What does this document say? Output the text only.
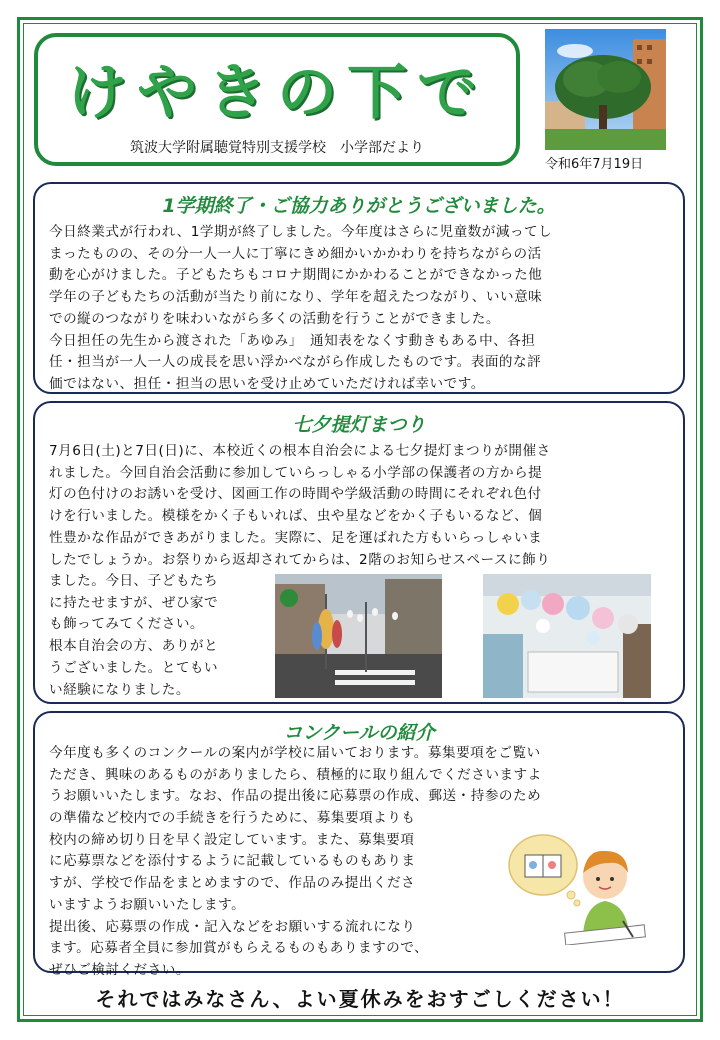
けやきの下で
筑波大学附属聴覚特別支援学校　小学部だより
令和6年7月19日
1学期終了・ご協力ありがとうございました。
今日終業式が行われ、1学期が終了しました。今年度はさらに児童数が減ってし
まったものの、その分一人一人に丁寧にきめ細かいかかわりを持ちながらの活
動を心がけました。子どもたちもコロナ期間にかかわることができなかった他
学年の子どもたちの活動が当たり前になり、学年を超えたつながり、いい意味
での縦のつながりを味わいながら多くの活動を行うことができました。
今日担任の先生から渡された「あゆみ」　通知表をなくす動きもある中、各担
任・担当が一人一人の成長を思い浮かべながら作成したものです。表面的な評
価ではない、担任・担当の思いを受け止めていただければ幸いです。
七夕提灯まつり
7月6日(土)と7日(日)に、本校近くの根本自治会による七夕提灯まつりが開催さ
れました。今回自治会活動に参加していらっしゃる小学部の保護者の方から提
灯の色付けのお誘いを受け、図画工作の時間や学級活動の時間にそれぞれ色付
けを行いました。模様をかく子もいれば、虫や星などをかく子もいるなど、個
性豊かな作品ができあがりました。実際に、足を運ばれた方もいらっしゃいま
したでしょうか。お祭りから返却されてからは、2階のお知らせスペースに飾り
ました。今日、子どもたち
に持たせますが、ぜひ家で
も飾ってみてください。
根本自治会の方、ありがと
うございました。とてもい
い経験になりました。
コンクールの紹介
今年度も多くのコンクールの案内が学校に届いております。募集要項をご覧い
ただき、興味のあるものがありましたら、積極的に取り組んでくださいますよ
うお願いいたします。なお、作品の提出後に応募票の作成、郵送・持参のため
の準備など校内での手続きを行うために、募集要項よりも
校内の締め切り日を早く設定しています。また、募集要項
に応募票などを添付するように記載しているものもありま
すが、学校で作品をまとめますので、作品のみ提出くださ
いますようお願いいたします。
提出後、応募票の作成・記入などをお願いする流れになり
ます。応募者全員に参加賞がもらえるものもありますので、
ぜひご検討ください。
それではみなさん、よい夏休みをおすごしください！
